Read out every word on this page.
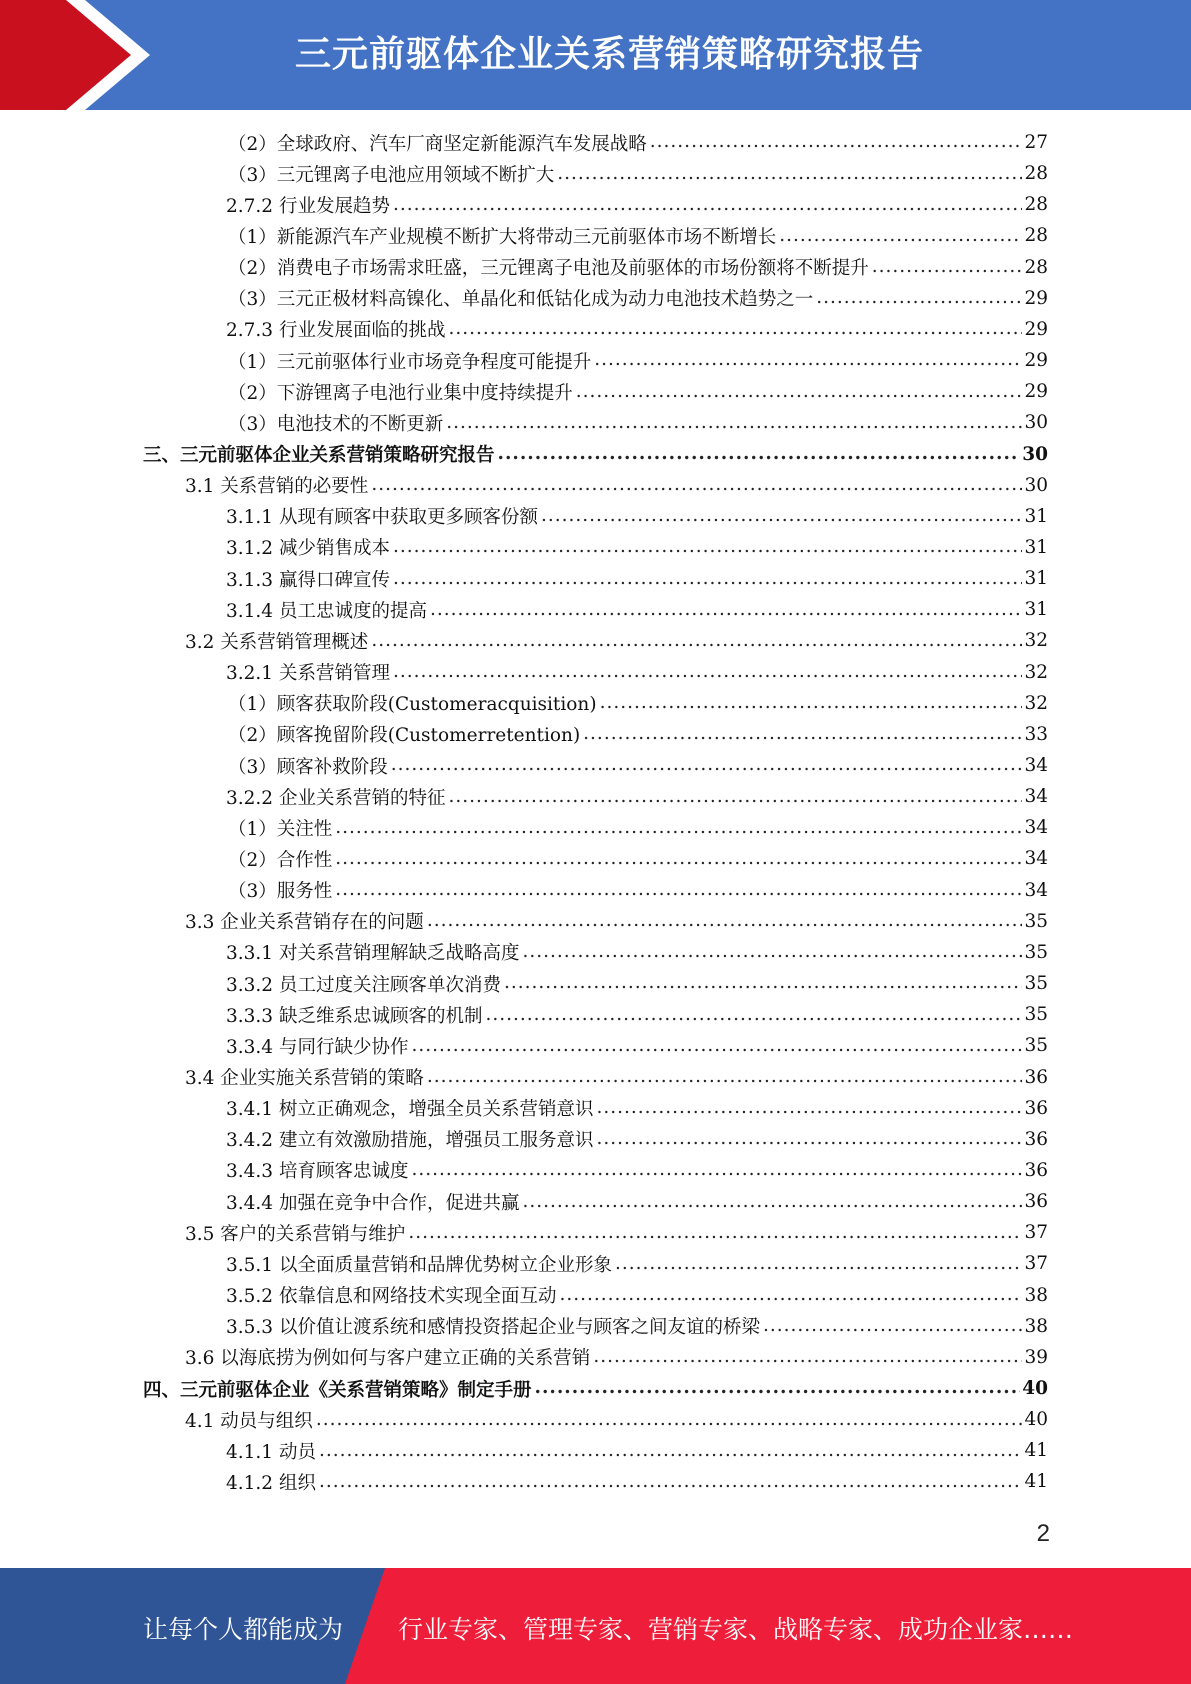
三元前驱体企业关系营销策略研究报告
（2）全球政府、汽车厂商坚定新能源汽车发展战略 .....	27
（3）三元锂离子电池应用领域不断扩大 .....	28
2.7.2 行业发展趋势 .....	28
（1）新能源汽车产业规模不断扩大将带动三元前驱体市场不断增长 .....	28
（2）消费电子市场需求旺盛，三元锂离子电池及前驱体的市场份额将不断提升 .....	28
（3）三元正极材料高镍化、单晶化和低钴化成为动力电池技术趋势之一 .....	29
2.7.3 行业发展面临的挑战 .....	29
（1）三元前驱体行业市场竞争程度可能提升 .....	29
（2）下游锂离子电池行业集中度持续提升 .....	29
（3）电池技术的不断更新 .....	30
三、三元前驱体企业关系营销策略研究报告 .....	30
3.1 关系营销的必要性 .....	30
3.1.1 从现有顾客中获取更多顾客份额 .....	31
3.1.2 减少销售成本 .....	31
3.1.3 赢得口碑宣传 .....	31
3.1.4 员工忠诚度的提高 .....	31
3.2 关系营销管理概述 .....	32
3.2.1 关系营销管理 .....	32
（1）顾客获取阶段(Customeracquisition) .....	32
（2）顾客挽留阶段(Customerretention) .....	33
（3）顾客补救阶段 .....	34
3.2.2 企业关系营销的特征 .....	34
（1）关注性 .....	34
（2）合作性 .....	34
（3）服务性 .....	34
3.3 企业关系营销存在的问题 .....	35
3.3.1 对关系营销理解缺乏战略高度 .....	35
3.3.2 员工过度关注顾客单次消费 .....	35
3.3.3 缺乏维系忠诚顾客的机制 .....	35
3.3.4 与同行缺少协作 .....	35
3.4 企业实施关系营销的策略 .....	36
3.4.1 树立正确观念，增强全员关系营销意识 .....	36
3.4.2 建立有效激励措施，增强员工服务意识 .....	36
3.4.3 培育顾客忠诚度 .....	36
3.4.4 加强在竞争中合作，促进共赢 .....	36
3.5 客户的关系营销与维护 .....	37
3.5.1 以全面质量营销和品牌优势树立企业形象 .....	37
3.5.2 依靠信息和网络技术实现全面互动 .....	38
3.5.3 以价值让渡系统和感情投资搭起企业与顾客之间友谊的桥梁 .....	38
3.6 以海底捞为例如何与客户建立正确的关系营销 .....	39
四、三元前驱体企业《关系营销策略》制定手册 .....	40
4.1 动员与组织 .....	40
4.1.1 动员 .....	41
4.1.2 组织 .....	41
2
让每个人都能成为 行业专家、管理专家、营销专家、战略专家、成功企业家……
